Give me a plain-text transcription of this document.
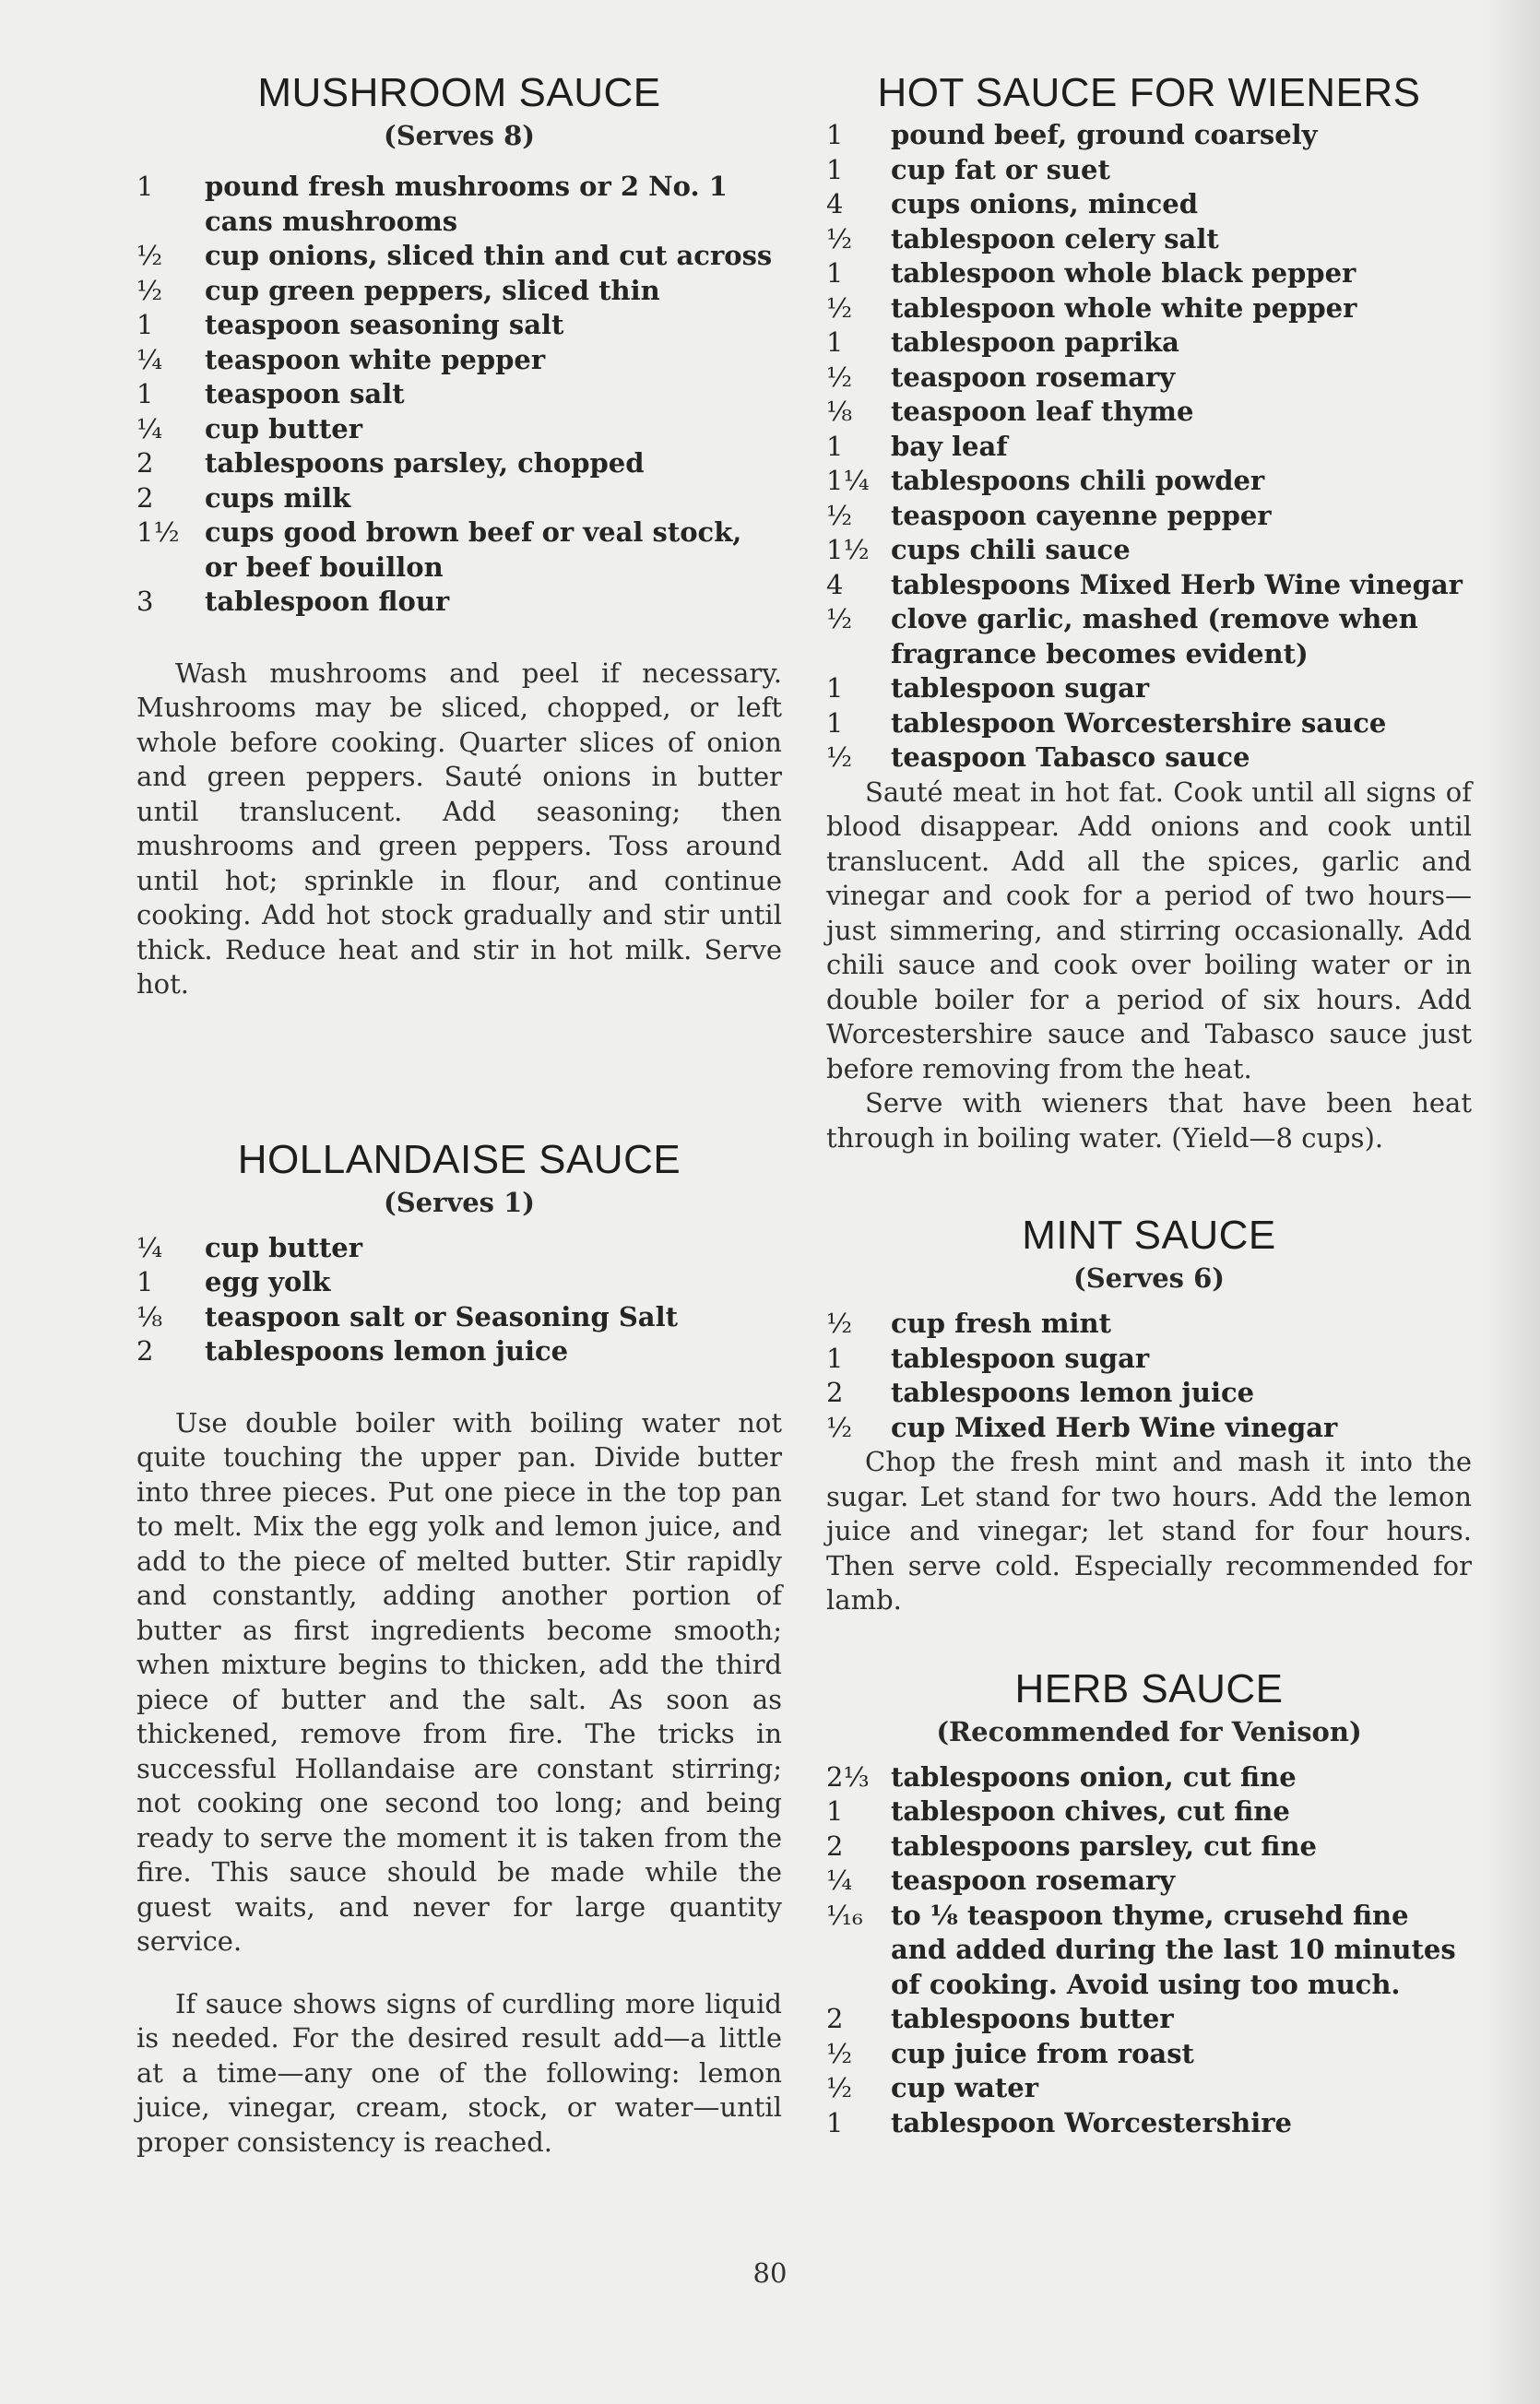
MUSHROOM SAUCE
(Serves 8)
1	pound fresh mushrooms or 2 No. 1 cans mushrooms
½	cup onions, sliced thin and cut across
½	cup green peppers, sliced thin
1	teaspoon seasoning salt
¼	teaspoon white pepper
1	teaspoon salt
¼	cup butter
2	tablespoons parsley, chopped
2	cups milk
1½ cups good brown beef or veal stock, or beef bouillon
3	tablespoon flour

Wash mushrooms and peel if necessary. Mushrooms may be sliced, chopped, or left whole before cooking. Quarter slices of onion and green peppers. Sauté onions in butter until translucent. Add seasoning; then mushrooms and green peppers. Toss around until hot; sprinkle in flour, and continue cooking. Add hot stock gradually and stir until thick. Reduce heat and stir in hot milk. Serve hot.

HOLLANDAISE SAUCE
(Serves 1)
¼	cup butter
1	egg yolk
⅛	teaspoon salt or Seasoning Salt
2	tablespoons lemon juice

Use double boiler with boiling water not quite touching the upper pan. Divide butter into three pieces. Put one piece in the top pan to melt. Mix the egg yolk and lemon juice, and add to the piece of melted butter. Stir rapidly and constantly, adding another portion of butter as first ingredients become smooth; when mixture begins to thicken, add the third piece of butter and the salt. As soon as thickened, remove from fire. The tricks in successful Hollandaise are constant stirring; not cooking one second too long; and being ready to serve the moment it is taken from the fire. This sauce should be made while the guest waits, and never for large quantity service.

If sauce shows signs of curdling more liquid is needed. For the desired result add—a little at a time—any one of the following: lemon juice, vinegar, cream, stock, or water—until proper consistency is reached.

HOT SAUCE FOR WIENERS
1	pound beef, ground coarsely
1	cup fat or suet
4	cups onions, minced
½	tablespoon celery salt
1	tablespoon whole black pepper
½	tablespoon whole white pepper
1	tablespoon paprika
½	teaspoon rosemary
⅛	teaspoon leaf thyme
1	bay leaf
1¼ tablespoons chili powder
½	teaspoon cayenne pepper
1½ cups chili sauce
4	tablespoons Mixed Herb Wine vinegar
½	clove garlic, mashed (remove when fragrance becomes evident)
1	tablespoon sugar
1	tablespoon Worcestershire sauce
½	teaspoon Tabasco sauce

Sauté meat in hot fat. Cook until all signs of blood disappear. Add onions and cook until translucent. Add all the spices, garlic and vinegar and cook for a period of two hours—just simmering, and stirring occasionally. Add chili sauce and cook over boiling water or in double boiler for a period of six hours. Add Worcestershire sauce and Tabasco sauce just before removing from the heat.

Serve with wieners that have been heat through in boiling water. (Yield—8 cups).

MINT SAUCE
(Serves 6)
½	cup fresh mint
1	tablespoon sugar
2	tablespoons lemon juice
½	cup Mixed Herb Wine vinegar

Chop the fresh mint and mash it into the sugar. Let stand for two hours. Add the lemon juice and vinegar; let stand for four hours. Then serve cold. Especially recommended for lamb.

HERB SAUCE
(Recommended for Venison)
2⅓ tablespoons onion, cut fine
1	tablespoon chives, cut fine
2	tablespoons parsley, cut fine
¼	teaspoon rosemary
¹⁄₁₆	to ⅛ teaspoon thyme, crusehd fine and added during the last 10 minutes of cooking. Avoid using too much.
2	tablespoons butter
½	cup juice from roast
½	cup water
1	tablespoon Worcestershire
80
